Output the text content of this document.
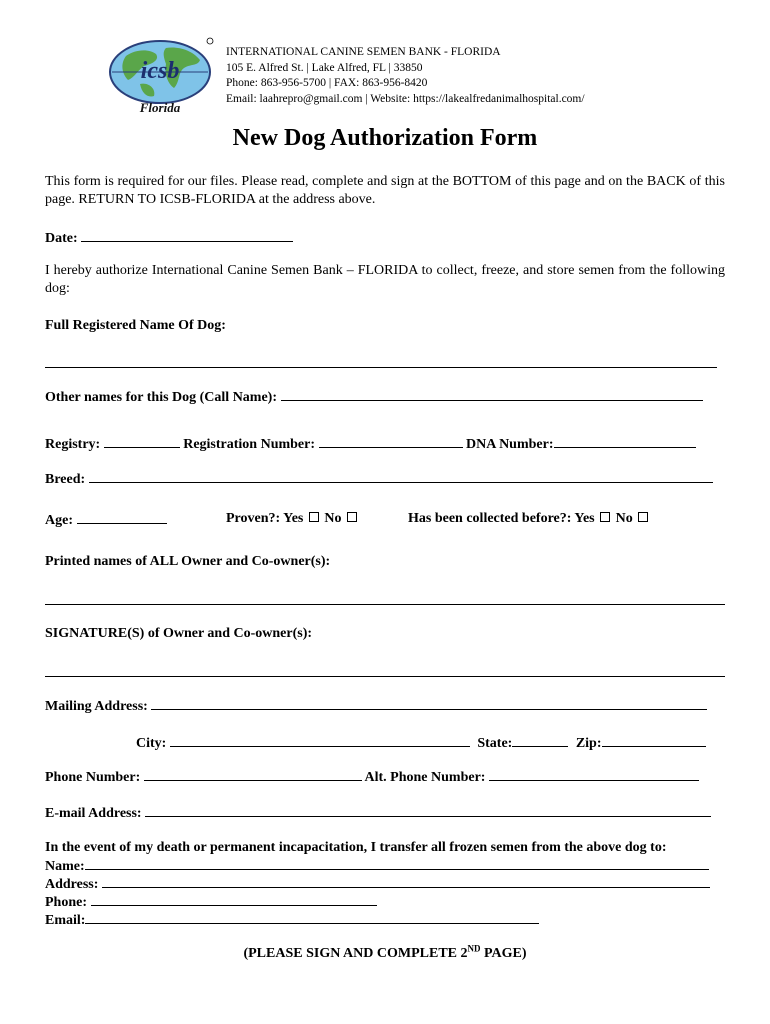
icsb
Florida
INTERNATIONAL CANINE SEMEN BANK - FLORIDA
105 E. Alfred St. | Lake Alfred, FL | 33850
Phone: 863-956-5700 | FAX: 863-956-8420
Email: laahrepro@gmail.com | Website: https://lakealfredanimalhospital.com/
New Dog Authorization Form
This form is required for our files. Please read, complete and sign at the BOTTOM of this page and on the BACK of this page. RETURN TO ICSB-FLORIDA at the address above.
Date:
I hereby authorize International Canine Semen Bank – FLORIDA to collect, freeze, and store semen from the following dog:
Full Registered Name Of Dog:
Other names for this Dog (Call Name):
Registry:	Registration Number:	DNA Number:
Breed:
Age:	Proven?: Yes No	Has been collected before?: Yes No
Printed names of ALL Owner and Co-owner(s):
SIGNATURE(S) of Owner and Co-owner(s):
Mailing Address:
City:	State:	Zip:
Phone Number:	Alt. Phone Number:
E-mail Address:
In the event of my death or permanent incapacitation, I transfer all frozen semen from the above dog to:
Name:
Address:
Phone:
Email:
(PLEASE SIGN AND COMPLETE 2ND PAGE)
